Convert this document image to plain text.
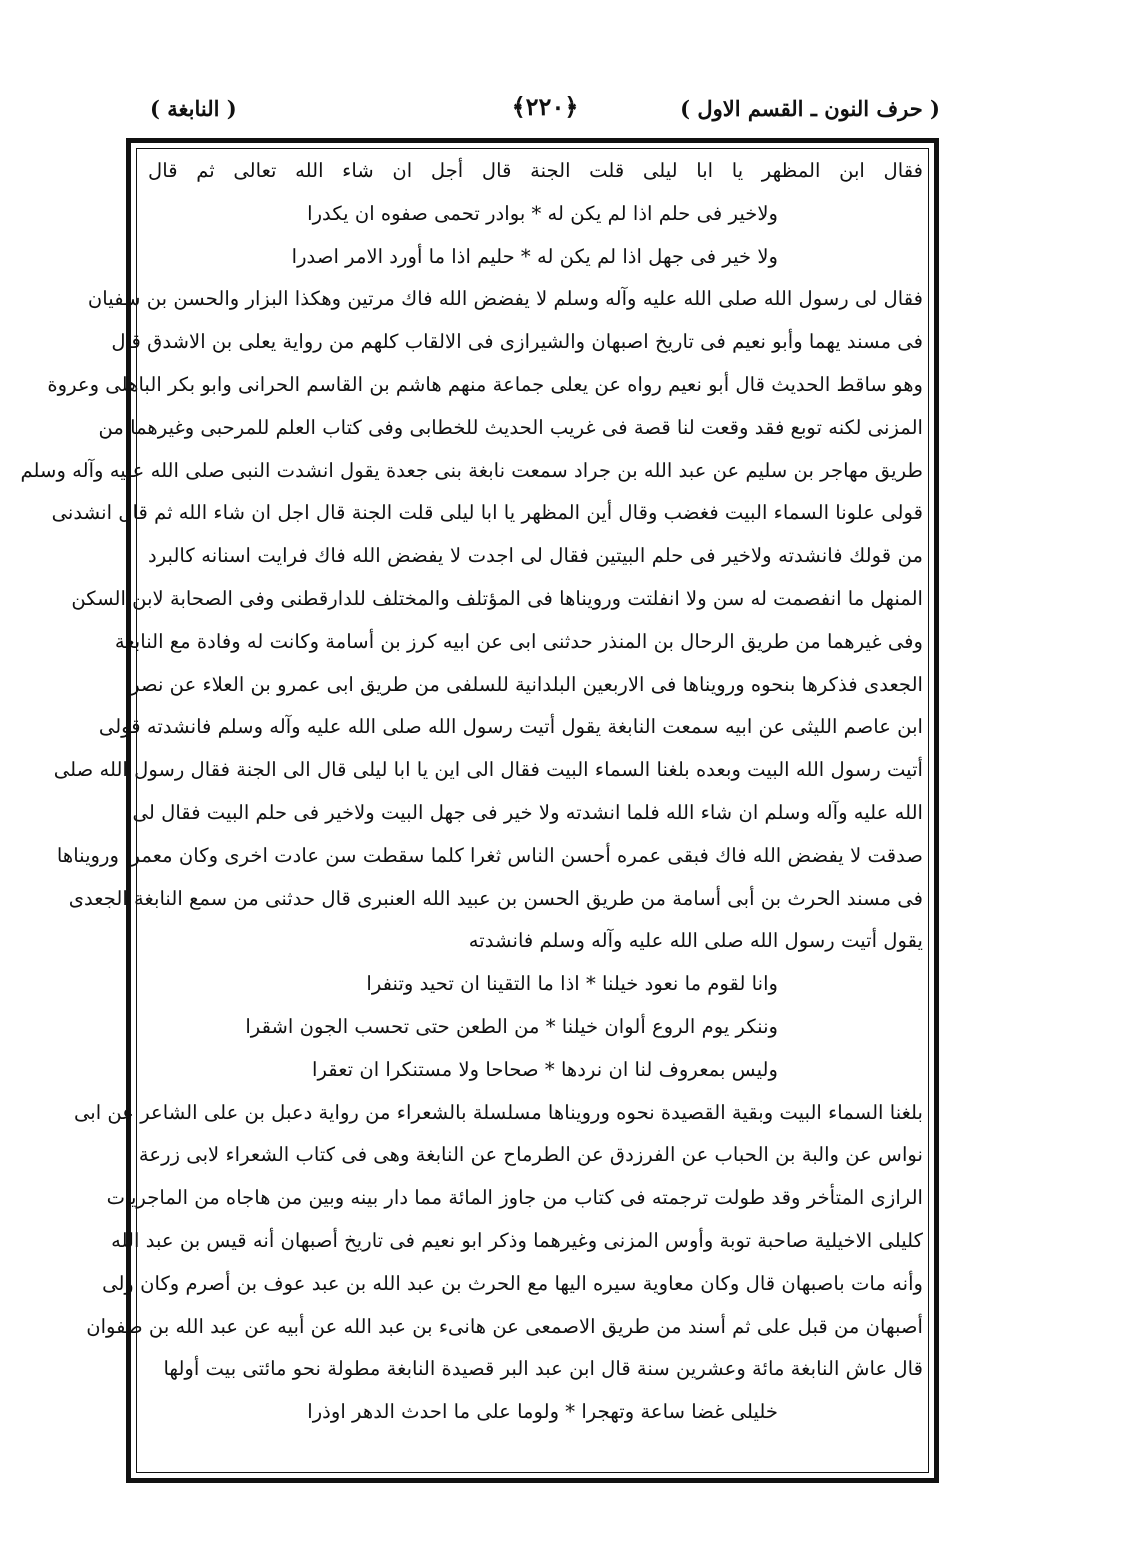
( حرف النون ـ القسم الاول )
﴿٢٢٠﴾
( النابغة )
فقال ابن المظهر يا ابا ليلى قلت الجنة قال أجل ان شاء الله تعالى ثم قال
ولاخير فى حلم اذا لم يكن له * بوادر تحمى صفوه ان يكدرا
ولا خير فى جهل اذا لم يكن له * حليم اذا ما أورد الامر اصدرا
فقال لى رسول الله صلى الله عليه وآله وسلم لا يفضض الله فاك مرتين وهكذا البزار والحسن بن سفيان
فى مسند يهما وأبو نعيم فى تاريخ اصبهان والشيرازى فى الالقاب كلهم من رواية يعلى بن الاشدق قال
وهو ساقط الحديث قال أبو نعيم رواه عن يعلى جماعة منهم هاشم بن القاسم الحرانى وابو بكر الباهلى وعروة
المزنى لكنه توبع فقد وقعت لنا قصة فى غريب الحديث للخطابى وفى كتاب العلم للمرحبى وغيرهما من
طريق مهاجر بن سليم عن عبد الله بن جراد سمعت نابغة بنى جعدة يقول انشدت النبى صلى الله عليه وآله وسلم
قولى علونا السماء البيت فغضب وقال أين المظهر يا ابا ليلى قلت الجنة قال اجل ان شاء الله ثم قال انشدنى
من قولك فانشدته ولاخير فى حلم البيتين فقال لى اجدت لا يفضض الله فاك فرايت اسنانه كالبرد
المنهل ما انفصمت له سن ولا انفلتت ورويناها فى المؤتلف والمختلف للدارقطنى وفى الصحابة لابن السكن
وفى غيرهما من طريق الرحال بن المنذر حدثنى ابى عن ابيه كرز بن أسامة وكانت له وفادة مع النابغة
الجعدى فذكرها بنحوه ورويناها فى الاربعين البلدانية للسلفى من طريق ابى عمرو بن العلاء عن نصر
ابن عاصم الليثى عن ابيه سمعت النابغة يقول أتيت رسول الله صلى الله عليه وآله وسلم فانشدته قولى
أتيت رسول الله البيت وبعده بلغنا السماء البيت فقال الى اين يا ابا ليلى قال الى الجنة فقال رسول الله صلى
الله عليه وآله وسلم ان شاء الله فلما انشدته ولا خير فى جهل البيت ولاخير فى حلم البيت فقال لى
صدقت لا يفضض الله فاك فبقى عمره أحسن الناس ثغرا كلما سقطت سن عادت اخرى وكان معمرا ورويناها
فى مسند الحرث بن أبى أسامة من طريق الحسن بن عبيد الله العنبرى قال حدثنى من سمع النابغة الجعدى
يقول أتيت رسول الله صلى الله عليه وآله وسلم فانشدته
وانا لقوم ما نعود خيلنا * اذا ما التقينا ان تحيد وتنفرا
وننكر يوم الروع ألوان خيلنا * من الطعن حتى تحسب الجون اشقرا
وليس بمعروف لنا ان نردها * صحاحا ولا مستنكرا ان تعقرا
بلغنا السماء البيت وبقية القصيدة نحوه ورويناها مسلسلة بالشعراء من رواية دعبل بن على الشاعر عن ابى
نواس عن والبة بن الحباب عن الفرزدق عن الطرماح عن النابغة وهى فى كتاب الشعراء لابى زرعة
الرازى المتأخر وقد طولت ترجمته فى كتاب من جاوز المائة مما دار بينه وبين من هاجاه من الماجريات
كليلى الاخيلية صاحبة توبة وأوس المزنى وغيرهما وذكر ابو نعيم فى تاريخ أصبهان أنه قيس بن عبد الله
وأنه مات باصبهان قال وكان معاوية سيره اليها مع الحرث بن عبد الله بن عبد عوف بن أصرم وكان ولى
أصبهان من قبل على ثم أسند من طريق الاصمعى عن هانىء بن عبد الله عن أبيه عن عبد الله بن صفوان
قال عاش النابغة مائة وعشرين سنة قال ابن عبد البر قصيدة النابغة مطولة نحو مائتى بيت أولها
خليلى غضا ساعة وتهجرا * ولوما على ما احدث الدهر اوذرا
